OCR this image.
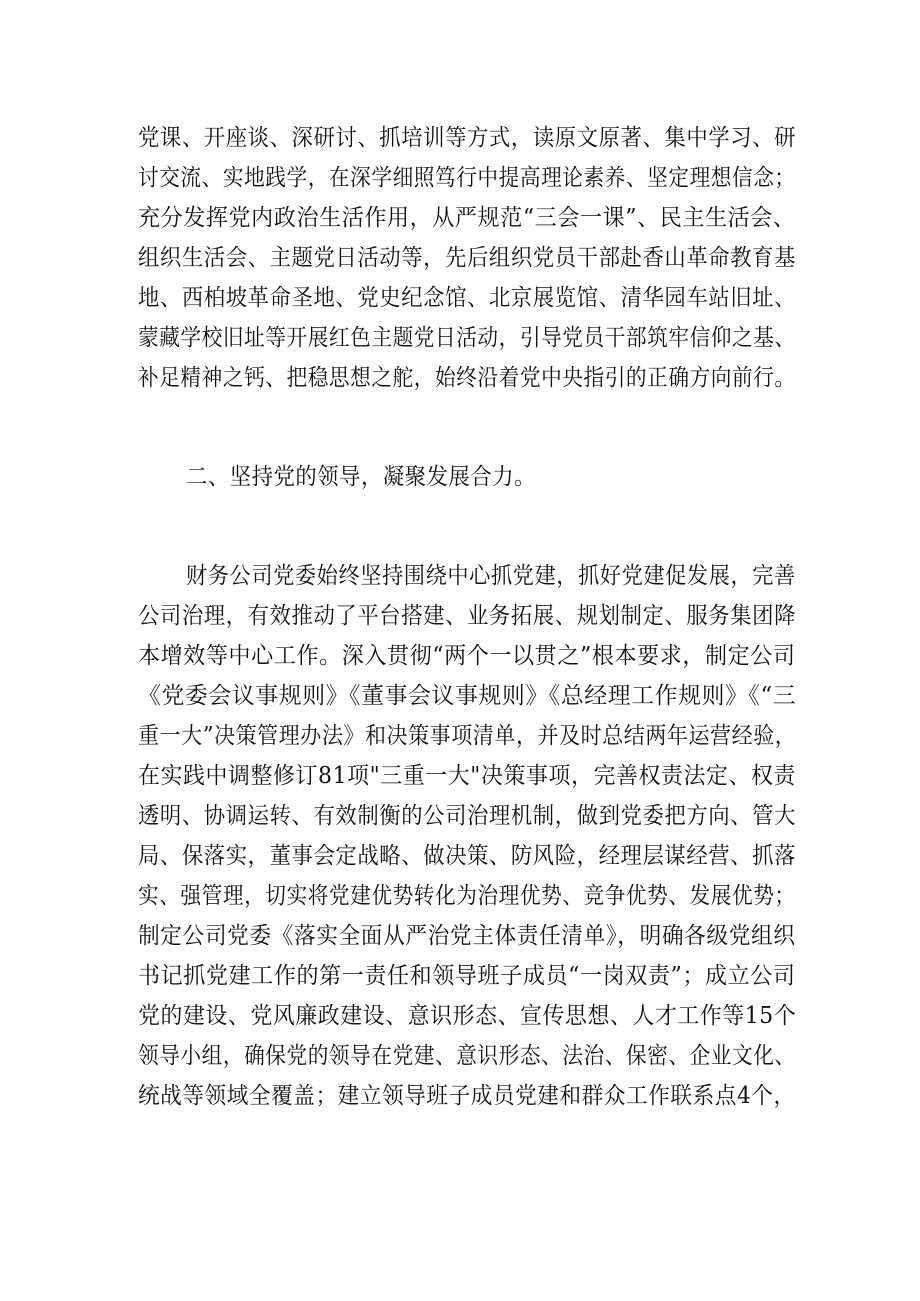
党课、开座谈、深研讨、抓培训等方式，读原文原著、集中学习、研
讨交流、实地践学，在深学细照笃行中提高理论素养、坚定理想信念；
充分发挥党内政治生活作用，从严规范“三会一课”、民主生活会、
组织生活会、主题党日活动等，先后组织党员干部赴香山革命教育基
地、西柏坡革命圣地、党史纪念馆、北京展览馆、清华园车站旧址、
蒙藏学校旧址等开展红色主题党日活动，引导党员干部筑牢信仰之基、
补足精神之钙、把稳思想之舵，始终沿着党中央指引的正确方向前行。
二、坚持党的领导，凝聚发展合力。
财务公司党委始终坚持围绕中心抓党建，抓好党建促发展，完善
公司治理，有效推动了平台搭建、业务拓展、规划制定、服务集团降
本增效等中心工作。深入贯彻“两个一以贯之”根本要求，制定公司
《党委会议事规则》《董事会议事规则》《总经理工作规则》《“三
重一大”决策管理办法》和决策事项清单，并及时总结两年运营经验，
在实践中调整修订81项"三重一大"决策事项，完善权责法定、权责
透明、协调运转、有效制衡的公司治理机制，做到党委把方向、管大
局、保落实，董事会定战略、做决策、防风险，经理层谋经营、抓落
实、强管理，切实将党建优势转化为治理优势、竞争优势、发展优势；
制定公司党委《落实全面从严治党主体责任清单》，明确各级党组织
书记抓党建工作的第一责任和领导班子成员“一岗双责”；成立公司
党的建设、党风廉政建设、意识形态、宣传思想、人才工作等15个
领导小组，确保党的领导在党建、意识形态、法治、保密、企业文化、
统战等领域全覆盖；建立领导班子成员党建和群众工作联系点4个，
